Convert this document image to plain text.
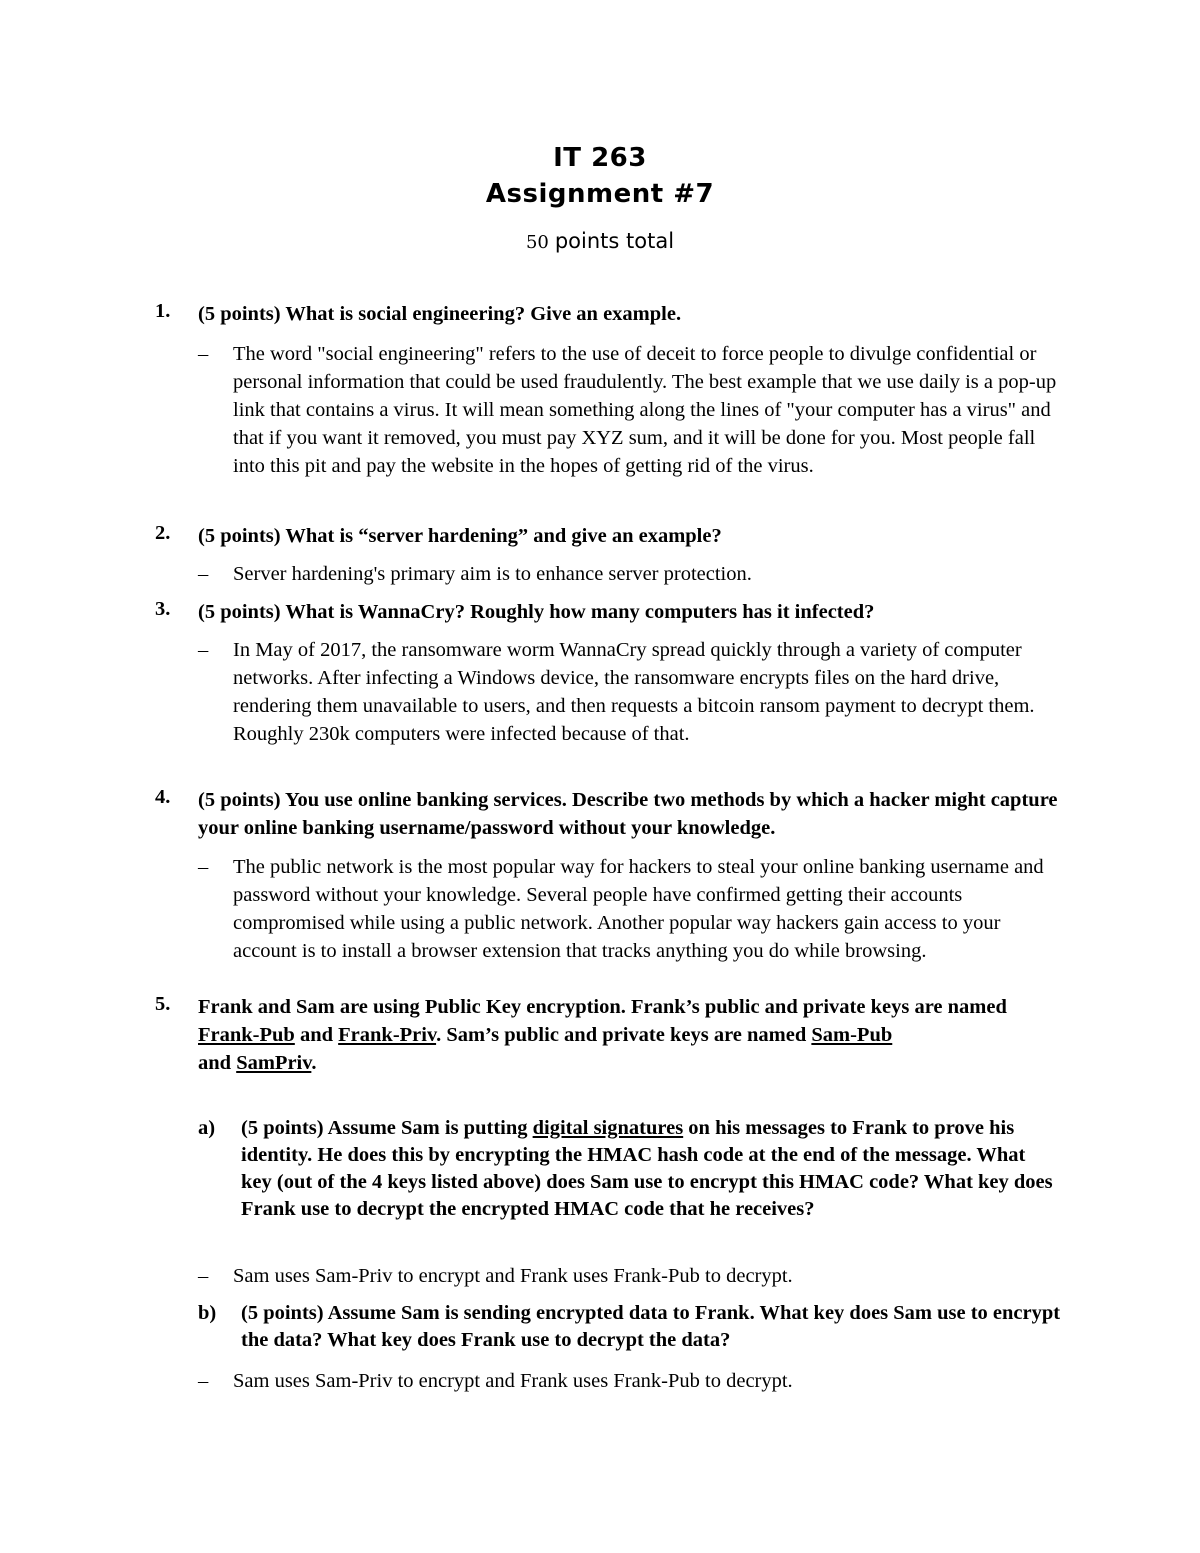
IT 263
Assignment #7
50 points total
1. (5 points) What is social engineering? Give an example.
– The word "social engineering" refers to the use of deceit to force people to divulge confidential or personal information that could be used fraudulently. The best example that we use daily is a pop-up link that contains a virus. It will mean something along the lines of "your computer has a virus" and that if you want it removed, you must pay XYZ sum, and it will be done for you. Most people fall into this pit and pay the website in the hopes of getting rid of the virus.
2. (5 points) What is “server hardening” and give an example?
– Server hardening's primary aim is to enhance server protection.
3. (5 points) What is WannaCry? Roughly how many computers has it infected?
– In May of 2017, the ransomware worm WannaCry spread quickly through a variety of computer networks. After infecting a Windows device, the ransomware encrypts files on the hard drive, rendering them unavailable to users, and then requests a bitcoin ransom payment to decrypt them. Roughly 230k computers were infected because of that.
4. (5 points) You use online banking services. Describe two methods by which a hacker might capture your online banking username/password without your knowledge.
– The public network is the most popular way for hackers to steal your online banking username and password without your knowledge. Several people have confirmed getting their accounts compromised while using a public network. Another popular way hackers gain access to your account is to install a browser extension that tracks anything you do while browsing.
5. Frank and Sam are using Public Key encryption. Frank’s public and private keys are named
Frank-Pub and Frank-Priv. Sam’s public and private keys are named Sam-Pub
and SamPriv.
a) (5 points) Assume Sam is putting digital signatures on his messages to Frank to prove his identity. He does this by encrypting the HMAC hash code at the end of the message. What key (out of the 4 keys listed above) does Sam use to encrypt this HMAC code? What key does Frank use to decrypt the encrypted HMAC code that he receives?
– Sam uses Sam-Priv to encrypt and Frank uses Frank-Pub to decrypt.
b) (5 points) Assume Sam is sending encrypted data to Frank. What key does Sam use to encrypt the data? What key does Frank use to decrypt the data?
– Sam uses Sam-Priv to encrypt and Frank uses Frank-Pub to decrypt.
